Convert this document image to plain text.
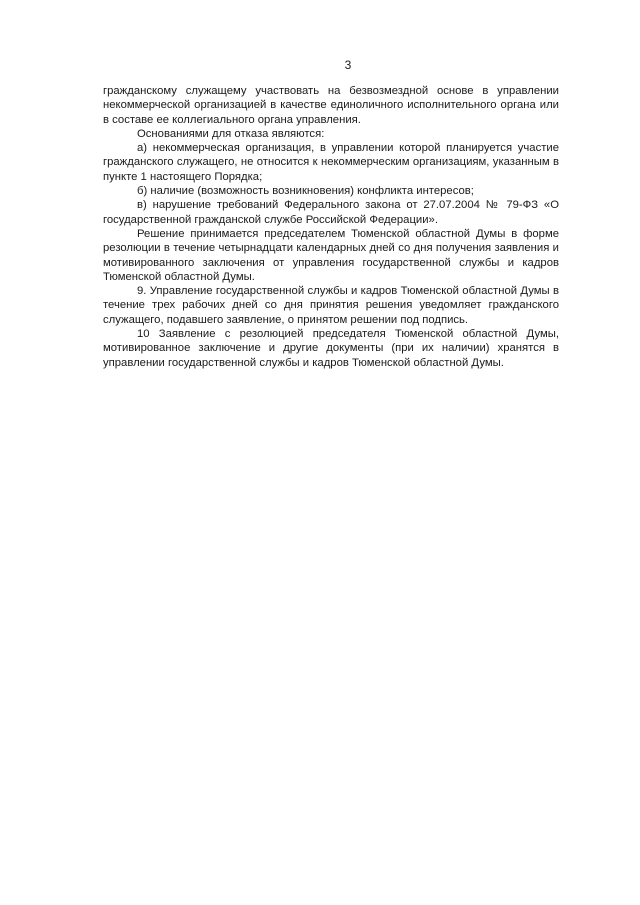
3

гражданскому служащему участвовать на безвозмездной основе в управлении некоммерческой организацией в качестве единоличного исполнительного органа или в составе ее коллегиального органа управления.

Основаниями для отказа являются:

а) некоммерческая организация, в управлении которой планируется участие гражданского служащего, не относится к некоммерческим организациям, указанным в пункте 1 настоящего Порядка;

б) наличие (возможность возникновения) конфликта интересов;

в) нарушение требований Федерального закона от 27.07.2004 № 79-ФЗ «О государственной гражданской службе Российской Федерации».

Решение принимается председателем Тюменской областной Думы в форме резолюции в течение четырнадцати календарных дней со дня получения заявления и мотивированного заключения от управления государственной службы и кадров Тюменской областной Думы.

9. Управление государственной службы и кадров Тюменской областной Думы в течение трех рабочих дней со дня принятия решения уведомляет гражданского служащего, подавшего заявление, о принятом решении под подпись.

10 Заявление с резолюцией председателя Тюменской областной Думы, мотивированное заключение и другие документы (при их наличии) хранятся в управлении государственной службы и кадров Тюменской областной Думы.
